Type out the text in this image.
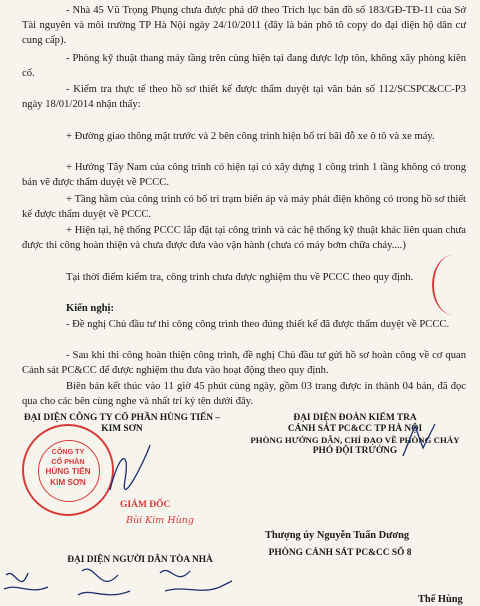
- Nhà 45 Vũ Trọng Phụng chưa được phá dỡ theo Trích lục bản đồ số 183/GĐ-TĐ-11 của Sở Tài nguyên và môi trường TP Hà Nội ngày 24/10/2011 (đây là bản phô tô copy do đại diện hộ dân cư cung cấp).

- Phòng kỹ thuật thang máy tầng trên cùng hiện tại đang được lợp tôn, không xây phòng kiên cố.

- Kiểm tra thực tế theo hồ sơ thiết kế được thẩm duyệt tại văn bản số 112/SCSPC&CC-P3 ngày 18/01/2014 nhận thấy:

+ Đường giao thông mặt trước và 2 bên công trình hiện bố trí bãi đỗ xe ô tô và xe máy.

+ Hướng Tây Nam của công trình có hiện tại có xây dựng 1 công trình 1 tầng không có trong bản vẽ được thẩm duyệt về PCCC.

+ Tầng hầm của công trình có bố trí trạm biến áp và máy phát điện không có trong hồ sơ thiết kế được thẩm duyệt về PCCC.

+ Hiện tại, hệ thống PCCC lắp đặt tại công trình và các hệ thống kỹ thuật khác liên quan chưa được thi công hoàn thiện và chưa được đưa vào vận hành (chưa có máy bơm chữa cháy....)

Tại thời điểm kiểm tra, công trình chưa được nghiệm thu về PCCC theo quy định.

Kiến nghị:

- Đề nghị Chủ đầu tư thi công công trình theo đúng thiết kế đã được thẩm duyệt về PCCC.

- Sau khi thi công hoàn thiện công trình, đề nghị Chủ đầu tư gửi hồ sơ hoàn công về cơ quan Cảnh sát PC&CC để được nghiệm thu đưa vào hoạt động theo quy định.

Biên bản kết thúc vào 11 giờ 45 phút cùng ngày, gồm 03 trang được in thành 04 bản, đã đọc qua cho các bên cùng nghe và nhất trí ký tên dưới đây.

ĐẠI DIỆN CÔNG TY CỔ PHẦN HÙNG TIẾN – KIM SƠN

CÔNG TY
CỔ PHẦN
HÙNG TIẾN
KIM SƠN
GIÁM ĐỐC
Bùi Kim Hùng

ĐẠI DIỆN ĐOÀN KIỂM TRA

CẢNH SÁT PC&CC TP HÀ NỘI

PHÒNG HƯỚNG DẪN, CHỈ ĐẠO VỀ PHÒNG CHÁY

PHÓ ĐỘI TRƯỞNG

Thượng úy Nguyễn Tuấn Dương

PHÒNG CẢNH SÁT PC&CC SỐ 8

Thế Hùng

ĐẠI DIỆN NGƯỜI DÂN TÒA NHÀ
